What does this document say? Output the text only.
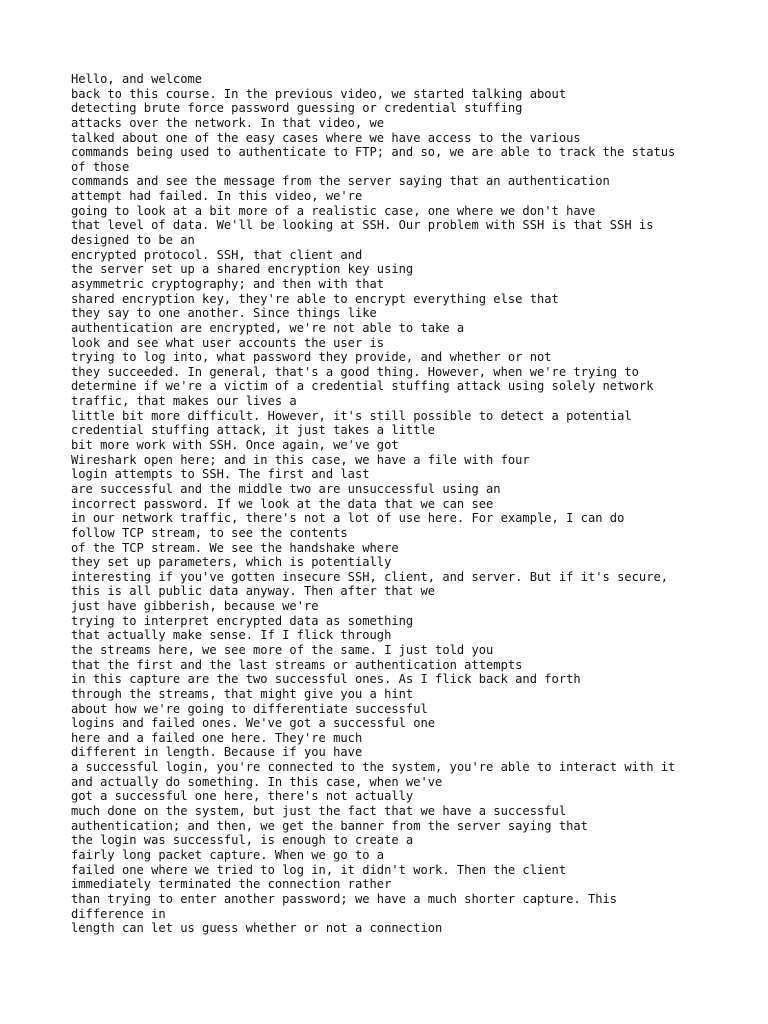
Hello, and welcome
back to this course. In the previous video, we started talking about
detecting brute force password guessing or credential stuffing
attacks over the network. In that video, we
talked about one of the easy cases where we have access to the various
commands being used to authenticate to FTP; and so, we are able to track the status
of those
commands and see the message from the server saying that an authentication
attempt had failed. In this video, we're
going to look at a bit more of a realistic case, one where we don't have
that level of data. We'll be looking at SSH. Our problem with SSH is that SSH is
designed to be an
encrypted protocol. SSH, that client and
the server set up a shared encryption key using
asymmetric cryptography; and then with that
shared encryption key, they're able to encrypt everything else that
they say to one another. Since things like
authentication are encrypted, we're not able to take a
look and see what user accounts the user is
trying to log into, what password they provide, and whether or not
they succeeded. In general, that's a good thing. However, when we're trying to
determine if we're a victim of a credential stuffing attack using solely network
traffic, that makes our lives a
little bit more difficult. However, it's still possible to detect a potential
credential stuffing attack, it just takes a little
bit more work with SSH. Once again, we've got
Wireshark open here; and in this case, we have a file with four
login attempts to SSH. The first and last
are successful and the middle two are unsuccessful using an
incorrect password. If we look at the data that we can see
in our network traffic, there's not a lot of use here. For example, I can do
follow TCP stream, to see the contents
of the TCP stream. We see the handshake where
they set up parameters, which is potentially
interesting if you've gotten insecure SSH, client, and server. But if it's secure,
this is all public data anyway. Then after that we
just have gibberish, because we're
trying to interpret encrypted data as something
that actually make sense. If I flick through
the streams here, we see more of the same. I just told you
that the first and the last streams or authentication attempts
in this capture are the two successful ones. As I flick back and forth
through the streams, that might give you a hint
about how we're going to differentiate successful
logins and failed ones. We've got a successful one
here and a failed one here. They're much
different in length. Because if you have
a successful login, you're connected to the system, you're able to interact with it
and actually do something. In this case, when we've
got a successful one here, there's not actually
much done on the system, but just the fact that we have a successful
authentication; and then, we get the banner from the server saying that
the login was successful, is enough to create a
fairly long packet capture. When we go to a
failed one where we tried to log in, it didn't work. Then the client
immediately terminated the connection rather
than trying to enter another password; we have a much shorter capture. This
difference in
length can let us guess whether or not a connection
